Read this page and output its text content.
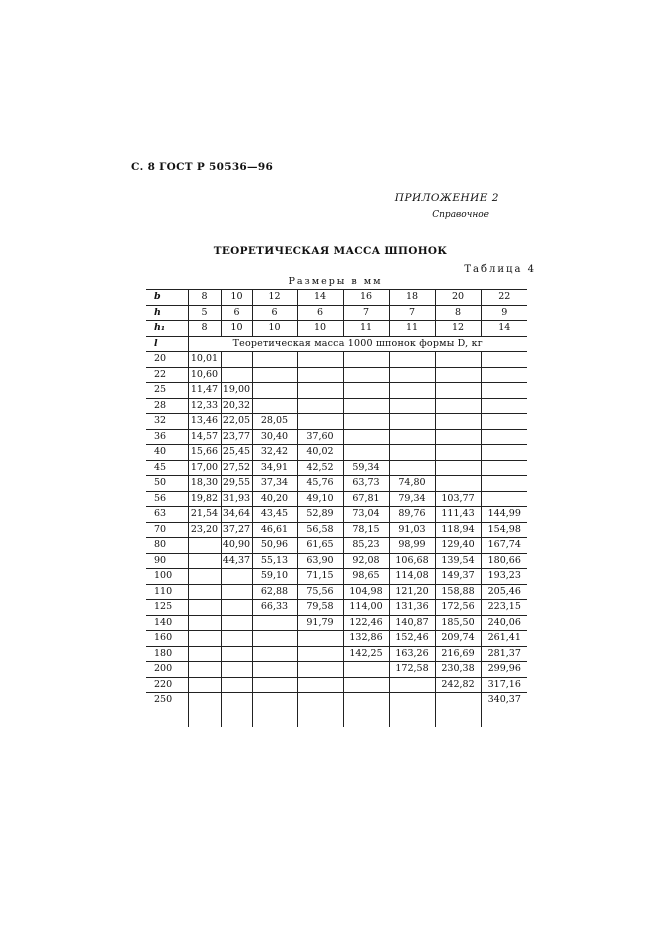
С. 8 ГОСТ Р 50536—96
ПРИЛОЖЕНИЕ 2
Справочное
ТЕОРЕТИЧЕСКАЯ МАССА ШПОНОК
Таблица 4
Размеры в мм
b	8	10	12	14	16	18	20	22
h	5	6	6	6	7	7	8	9
h₁	8	10	10	10	11	11	12	14
l	Теоретическая масса 1000 шпонок формы D, кг							
20	10,01							
22	10,60							
25	11,47	19,00						
28	12,33	20,32						
32	13,46	22,05	28,05					
36	14,57	23,77	30,40	37,60				
40	15,66	25,45	32,42	40,02				
45	17,00	27,52	34,91	42,52	59,34			
50	18,30	29,55	37,34	45,76	63,73	74,80		
56	19,82	31,93	40,20	49,10	67,81	79,34	103,77	
63	21,54	34,64	43,45	52,89	73,04	89,76	111,43	144,99
70	23,20	37,27	46,61	56,58	78,15	91,03	118,94	154,98
80		40,90	50,96	61,65	85,23	98,99	129,40	167,74
90		44,37	55,13	63,90	92,08	106,68	139,54	180,66
100			59,10	71,15	98,65	114,08	149,37	193,23
110			62,88	75,56	104,98	121,20	158,88	205,46
125			66,33	79,58	114,00	131,36	172,56	223,15
140				91,79	122,46	140,87	185,50	240,06
160					132,86	152,46	209,74	261,41
180					142,25	163,26	216,69	281,37
200						172,58	230,38	299,96
220							242,82	317,16
250								340,37
